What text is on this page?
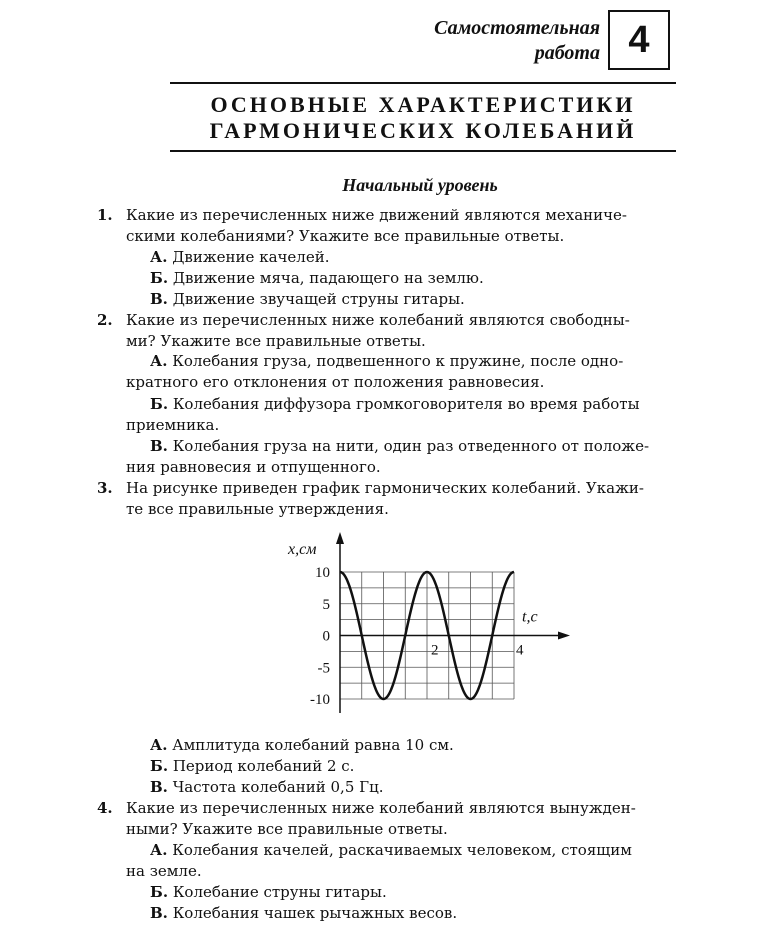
Самостоятельная
работа 4
ОСНОВНЫЕ ХАРАКТЕРИСТИКИ
ГАРМОНИЧЕСКИХ КОЛЕБАНИЙ
Начальный уровень
1. Какие из перечисленных ниже движений являются механиче-
скими колебаниями? Укажите все правильные ответы.
А. Движение качелей.
Б. Движение мяча, падающего на землю.
В. Движение звучащей струны гитары.
2. Какие из перечисленных ниже колебаний являются свободны-
ми? Укажите все правильные ответы.
А. Колебания груза, подвешенного к пружине, после одно-
кратного его отклонения от положения равновесия.
Б. Колебания диффузора громкоговорителя во время работы
приемника.
В. Колебания груза на нити, один раз отведенного от положе-
ния равновесия и отпущенного.
3. На рисунке приведен график гармонических колебаний. Укажи-
те все правильные утверждения.
10
5
0
-5
-10
2	4
x,см
t,с
А. Амплитуда колебаний равна 10 см.
Б. Период колебаний 2 с.
В. Частота колебаний 0,5 Гц.
4. Какие из перечисленных ниже колебаний являются вынужден-
ными? Укажите все правильные ответы.
А. Колебания качелей, раскачиваемых человеком, стоящим
на земле.
Б. Колебание струны гитары.
В. Колебания чашек рычажных весов.
